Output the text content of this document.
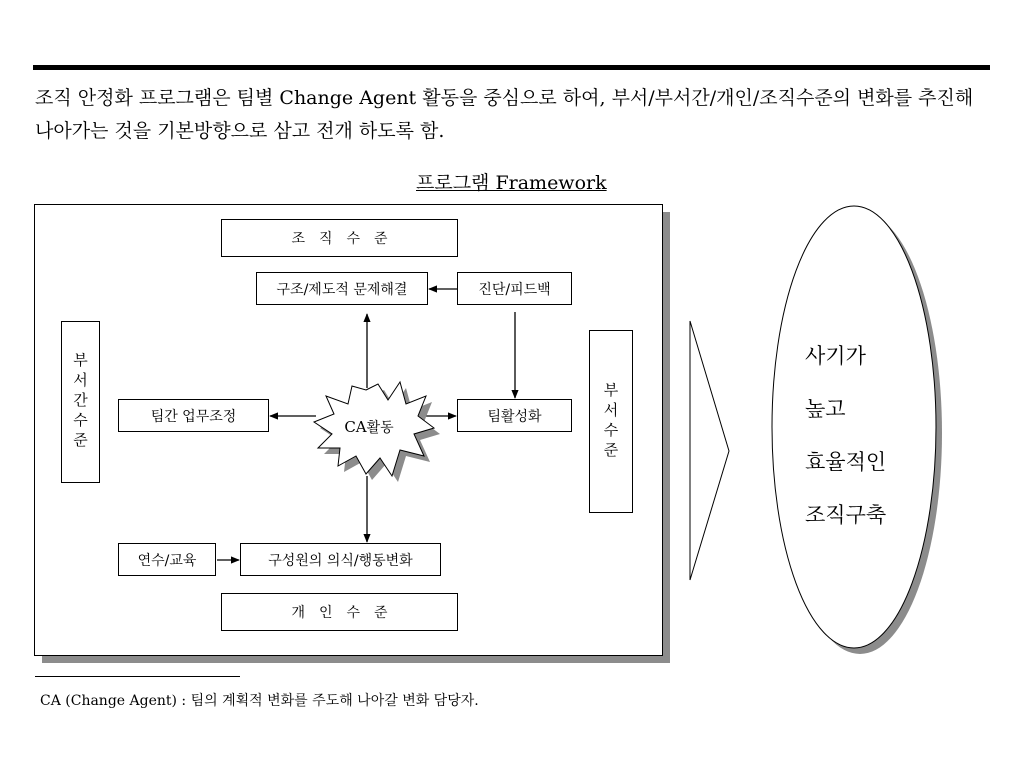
조직 안정화 프로그램은 팀별 Change Agent 활동을 중심으로 하여, 부서/부서간/개인/조직수준의 변화를 추진해 나아가는 것을 기본방향으로 삼고 전개 하도록 함.
프로그램 Framework
조직수준
구조/제도적 문제해결	진단/피드백
팀간 업무조정	팀활성화
연수/교육	구성원의 의식/행동변화
개인수준
부서간수준	부서수준
CA활동
사기가
높고
효율적인
조직구축
CA (Change Agent) : 팀의 계획적 변화를 주도해 나아갈 변화 담당자.
